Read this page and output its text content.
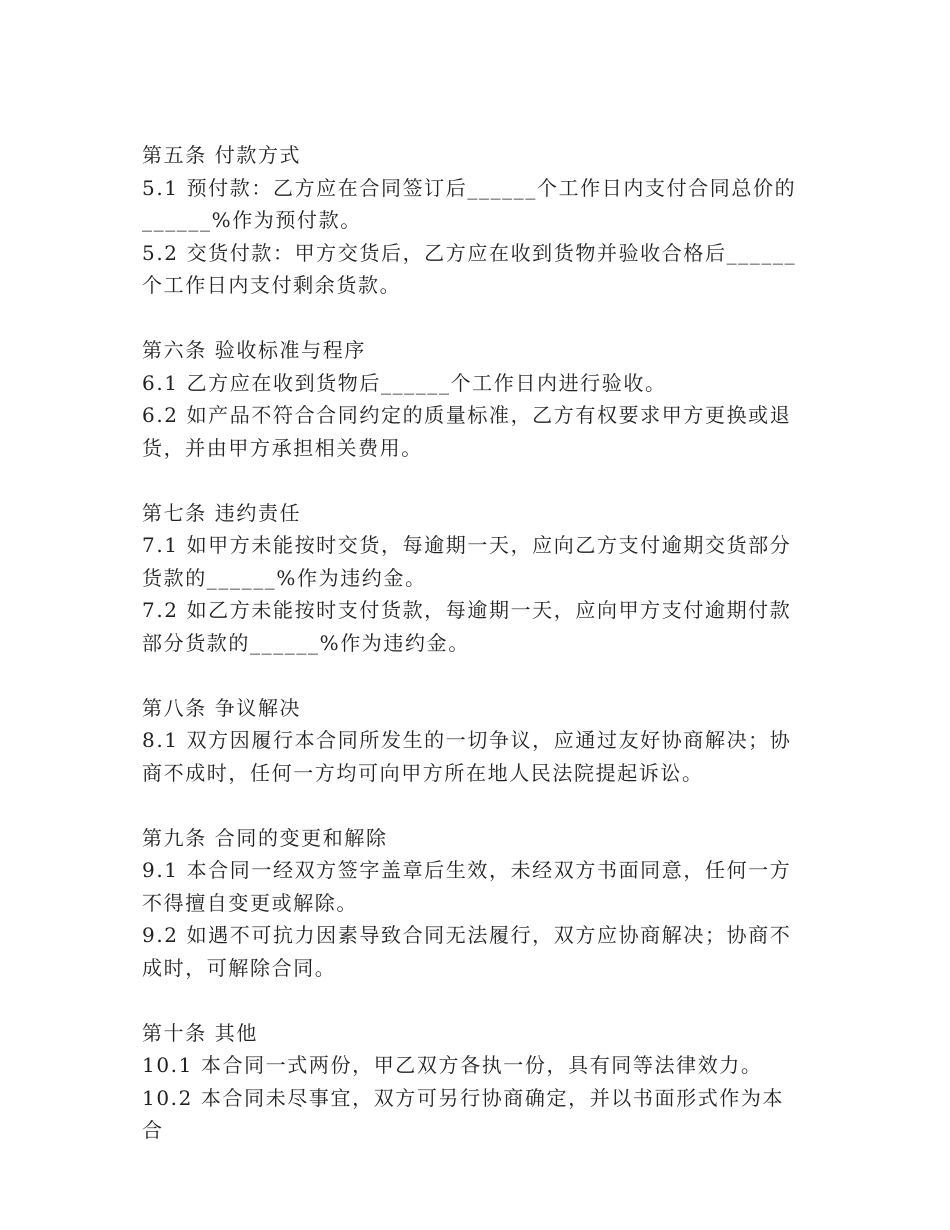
第五条 付款方式

5.1 预付款：乙方应在合同签订后______个工作日内支付合同总价的______%作为预付款。

5.2 交货付款：甲方交货后，乙方应在收到货物并验收合格后______个工作日内支付剩余货款。

第六条 验收标准与程序

6.1 乙方应在收到货物后______个工作日内进行验收。

6.2 如产品不符合合同约定的质量标准，乙方有权要求甲方更换或退货，并由甲方承担相关费用。

第七条 违约责任

7.1 如甲方未能按时交货，每逾期一天，应向乙方支付逾期交货部分货款的______%作为违约金。

7.2 如乙方未能按时支付货款，每逾期一天，应向甲方支付逾期付款部分货款的______%作为违约金。

第八条 争议解决

8.1 双方因履行本合同所发生的一切争议，应通过友好协商解决；协商不成时，任何一方均可向甲方所在地人民法院提起诉讼。

第九条 合同的变更和解除

9.1 本合同一经双方签字盖章后生效，未经双方书面同意，任何一方不得擅自变更或解除。

9.2 如遇不可抗力因素导致合同无法履行，双方应协商解决；协商不成时，可解除合同。

第十条 其他

10.1 本合同一式两份，甲乙双方各执一份，具有同等法律效力。

10.2 本合同未尽事宜，双方可另行协商确定，并以书面形式作为本合
